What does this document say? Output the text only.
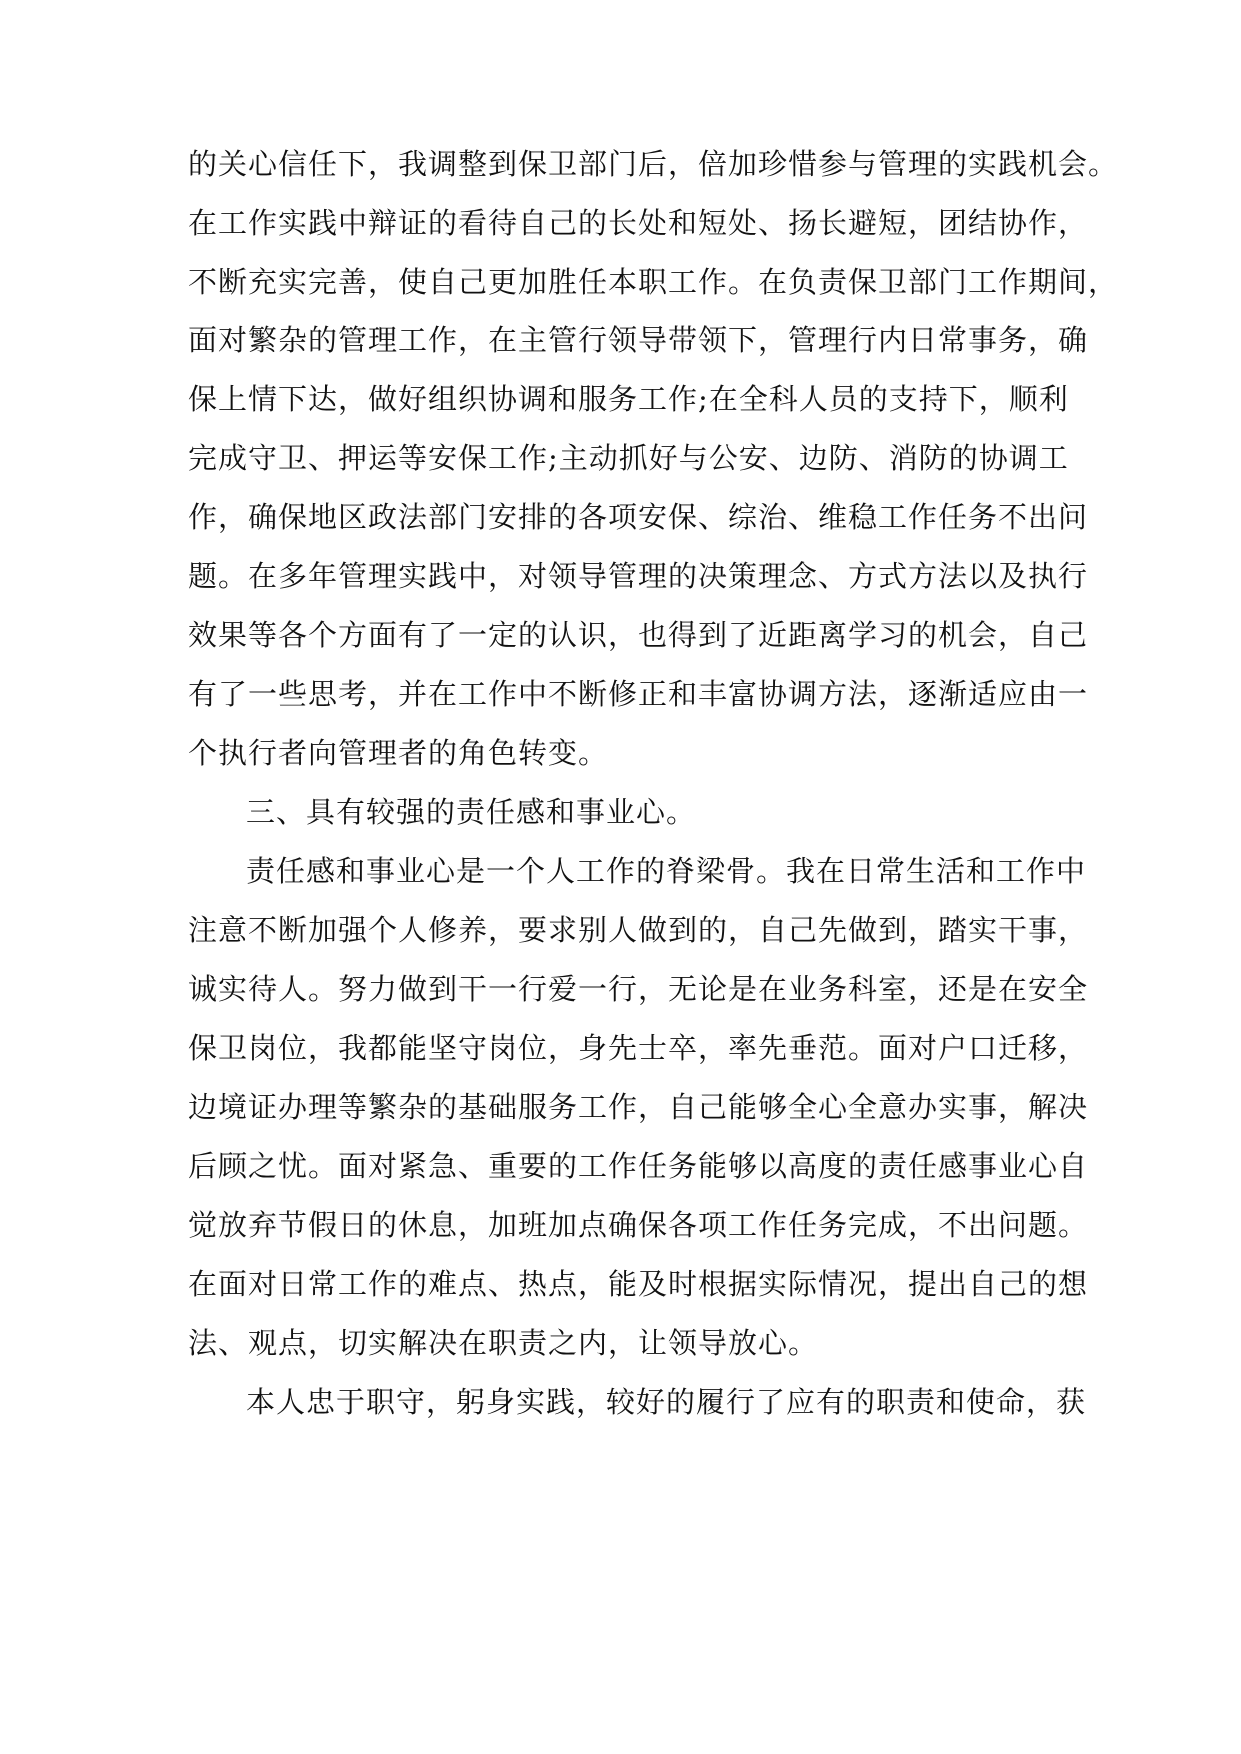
的关心信任下，我调整到保卫部门后，倍加珍惜参与管理的实践机会。
在工作实践中辩证的看待自己的长处和短处、扬长避短，团结协作，
不断充实完善，使自己更加胜任本职工作。在负责保卫部门工作期间，
面对繁杂的管理工作，在主管行领导带领下，管理行内日常事务，确
保上情下达，做好组织协调和服务工作;在全科人员的支持下，顺利
完成守卫、押运等安保工作;主动抓好与公安、边防、消防的协调工
作，确保地区政法部门安排的各项安保、综治、维稳工作任务不出问
题。在多年管理实践中，对领导管理的决策理念、方式方法以及执行
效果等各个方面有了一定的认识，也得到了近距离学习的机会，自己
有了一些思考，并在工作中不断修正和丰富协调方法，逐渐适应由一
个执行者向管理者的角色转变。
三、具有较强的责任感和事业心。
责任感和事业心是一个人工作的脊梁骨。我在日常生活和工作中
注意不断加强个人修养，要求别人做到的，自己先做到，踏实干事，
诚实待人。努力做到干一行爱一行，无论是在业务科室，还是在安全
保卫岗位，我都能坚守岗位，身先士卒，率先垂范。面对户口迁移，
边境证办理等繁杂的基础服务工作，自己能够全心全意办实事，解决
后顾之忧。面对紧急、重要的工作任务能够以高度的责任感事业心自
觉放弃节假日的休息，加班加点确保各项工作任务完成，不出问题。
在面对日常工作的难点、热点，能及时根据实际情况，提出自己的想
法、观点，切实解决在职责之内，让领导放心。
本人忠于职守，躬身实践，较好的履行了应有的职责和使命，获
